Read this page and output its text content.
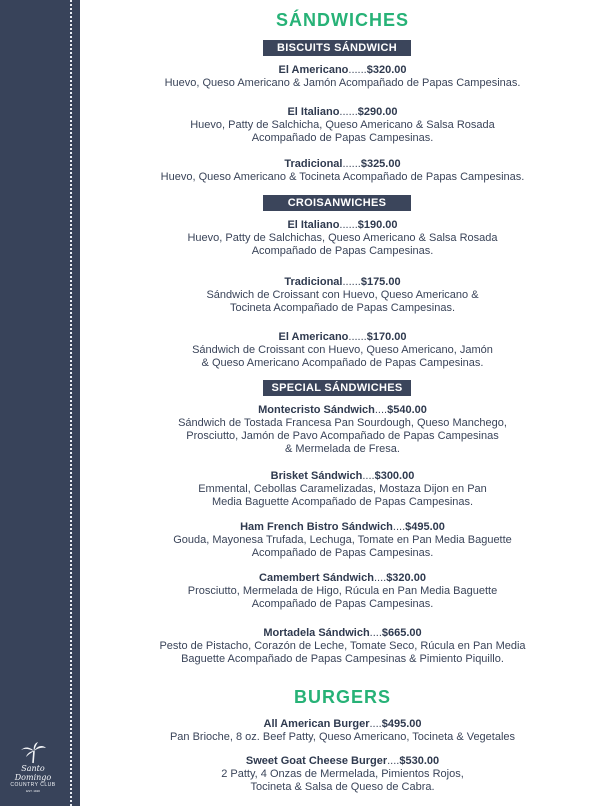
Santo Domingo
COUNTRY CLUB
EST. 1920
SÁNDWICHES
BISCUITS SÁNDWICH
El Americano......$320.00
Huevo, Queso Americano & Jamón Acompañado de Papas Campesinas.
El Italiano......$290.00
Huevo, Patty de Salchicha, Queso Americano & Salsa Rosada
Acompañado de Papas Campesinas.
Tradicional......$325.00
Huevo, Queso Americano & Tocineta Acompañado de Papas Campesinas.
CROISANWICHES
El Italiano......$190.00
Huevo, Patty de Salchichas, Queso Americano & Salsa Rosada
Acompañado de Papas Campesinas.
Tradicional......$175.00
Sándwich de Croissant con Huevo, Queso Americano &
Tocineta Acompañado de Papas Campesinas.
El Americano......$170.00
Sándwich de Croissant con Huevo, Queso Americano, Jamón
& Queso Americano Acompañado de Papas Campesinas.
SPECIAL SÁNDWICHES
Montecristo Sándwich....$540.00
Sándwich de Tostada Francesa Pan Sourdough, Queso Manchego,
Prosciutto, Jamón de Pavo Acompañado de Papas Campesinas
& Mermelada de Fresa.
Brisket Sándwich....$300.00
Emmental, Cebollas Caramelizadas, Mostaza Dijon en Pan
Media Baguette Acompañado de Papas Campesinas.
Ham French Bistro Sándwich....$495.00
Gouda, Mayonesa Trufada, Lechuga, Tomate en Pan Media Baguette
Acompañado de Papas Campesinas.
Camembert Sándwich....$320.00
Prosciutto, Mermelada de Higo, Rúcula en Pan Media Baguette
Acompañado de Papas Campesinas.
Mortadela Sándwich....$665.00
Pesto de Pistacho, Corazón de Leche, Tomate Seco, Rúcula en Pan Media
Baguette Acompañado de Papas Campesinas & Pimiento Piquillo.
BURGERS
All American Burger....$495.00
Pan Brioche, 8 oz. Beef Patty, Queso Americano, Tocineta & Vegetales
Sweet Goat Cheese Burger....$530.00
2 Patty, 4 Onzas de Mermelada, Pimientos Rojos,
Tocineta & Salsa de Queso de Cabra.
